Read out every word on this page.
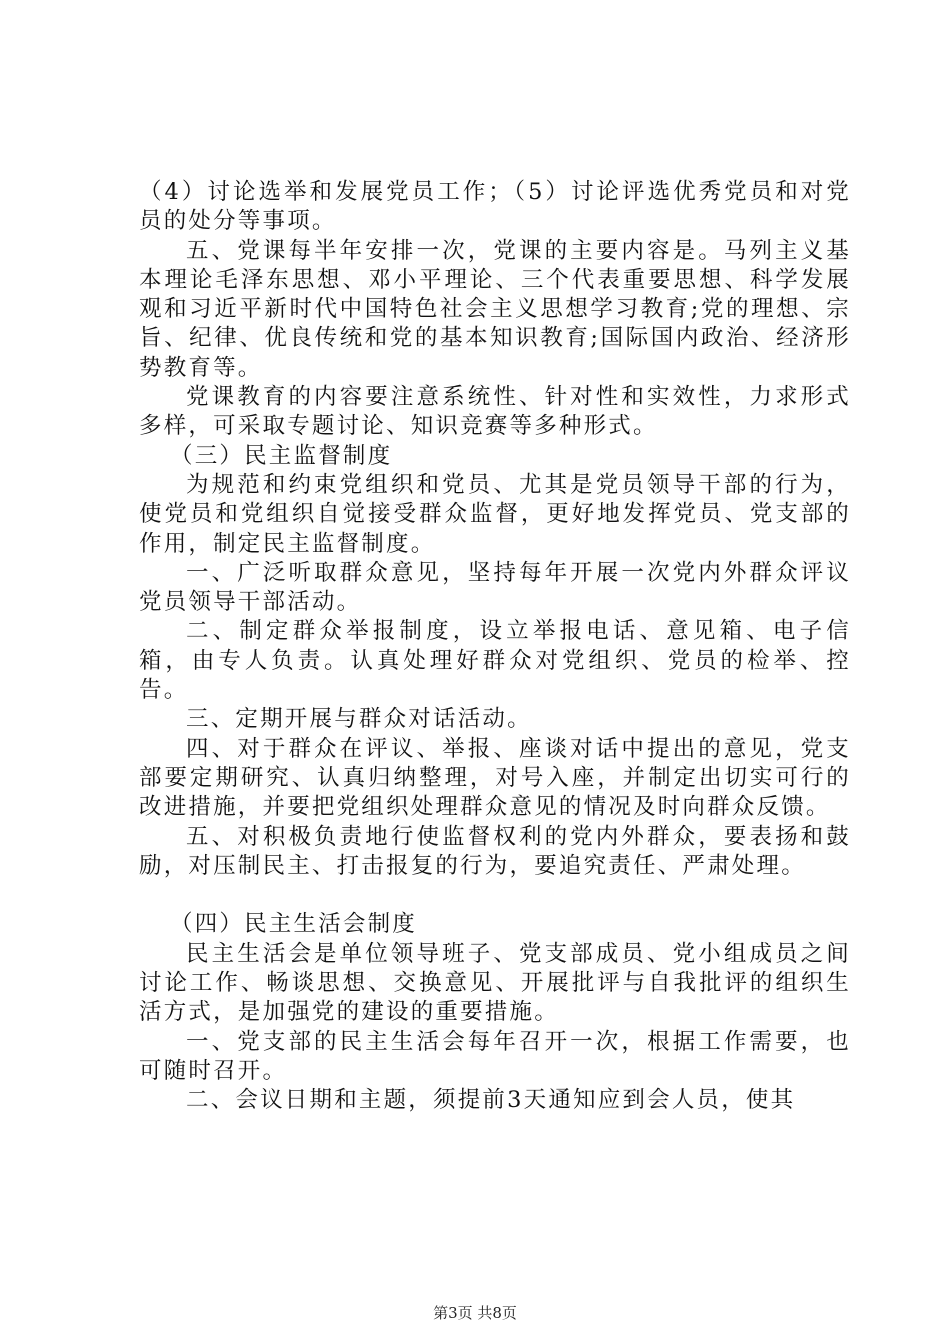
（4）讨论选举和发展党员工作；（5）讨论评选优秀党员和对党员的处分等事项。

五、党课每半年安排一次，党课的主要内容是。马列主义基本理论毛泽东思想、邓小平理论、三个代表重要思想、科学发展观和习近平新时代中国特色社会主义思想学习教育;党的理想、宗旨、纪律、优良传统和党的基本知识教育;国际国内政治、经济形势教育等。

党课教育的内容要注意系统性、针对性和实效性，力求形式多样，可采取专题讨论、知识竞赛等多种形式。

（三）民主监督制度

为规范和约束党组织和党员、尤其是党员领导干部的行为，使党员和党组织自觉接受群众监督，更好地发挥党员、党支部的作用，制定民主监督制度。

一、广泛听取群众意见，坚持每年开展一次党内外群众评议党员领导干部活动。

二、制定群众举报制度，设立举报电话、意见箱、电子信箱，由专人负责。认真处理好群众对党组织、党员的检举、控告。

三、定期开展与群众对话活动。

四、对于群众在评议、举报、座谈对话中提出的意见，党支部要定期研究、认真归纳整理，对号入座，并制定出切实可行的改进措施，并要把党组织处理群众意见的情况及时向群众反馈。

五、对积极负责地行使监督权利的党内外群众，要表扬和鼓励，对压制民主、打击报复的行为，要追究责任、严肃处理。

（四）民主生活会制度

民主生活会是单位领导班子、党支部成员、党小组成员之间讨论工作、畅谈思想、交换意见、开展批评与自我批评的组织生活方式，是加强党的建设的重要措施。

一、党支部的民主生活会每年召开一次，根据工作需要，也可随时召开。

二、会议日期和主题，须提前3天通知应到会人员，使其

第3页 共8页
